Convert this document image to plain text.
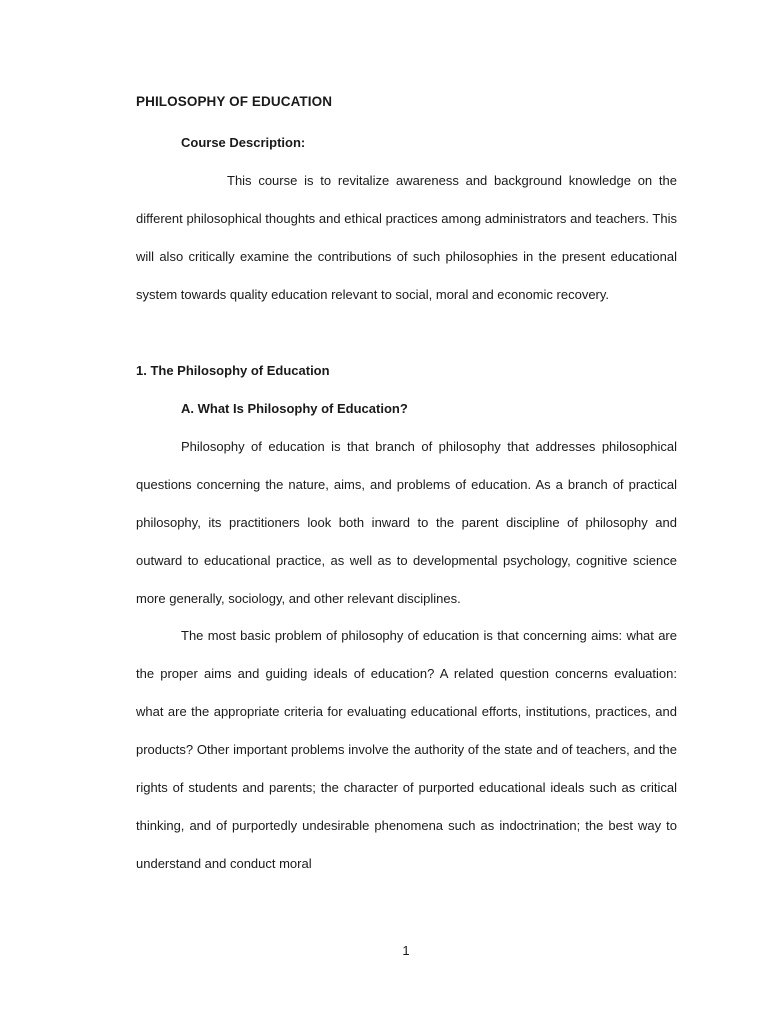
PHILOSOPHY OF EDUCATION
Course Description:

This course is to revitalize awareness and background knowledge on the different philosophical thoughts and ethical practices among administrators and teachers. This will also critically examine the contributions of such philosophies in the present educational system towards quality education relevant to social, moral and economic recovery.

1. The Philosophy of Education
A. What Is Philosophy of Education?

Philosophy of education is that branch of philosophy that addresses philosophical questions concerning the nature, aims, and problems of education. As a branch of practical philosophy, its practitioners look both inward to the parent discipline of philosophy and outward to educational practice, as well as to developmental psychology, cognitive science more generally, sociology, and other relevant disciplines.

The most basic problem of philosophy of education is that concerning aims: what are the proper aims and guiding ideals of education? A related question concerns evaluation: what are the appropriate criteria for evaluating educational efforts, institutions, practices, and products? Other important problems involve the authority of the state and of teachers, and the rights of students and parents; the character of purported educational ideals such as critical thinking, and of purportedly undesirable phenomena such as indoctrination; the best way to understand and conduct moral

1
